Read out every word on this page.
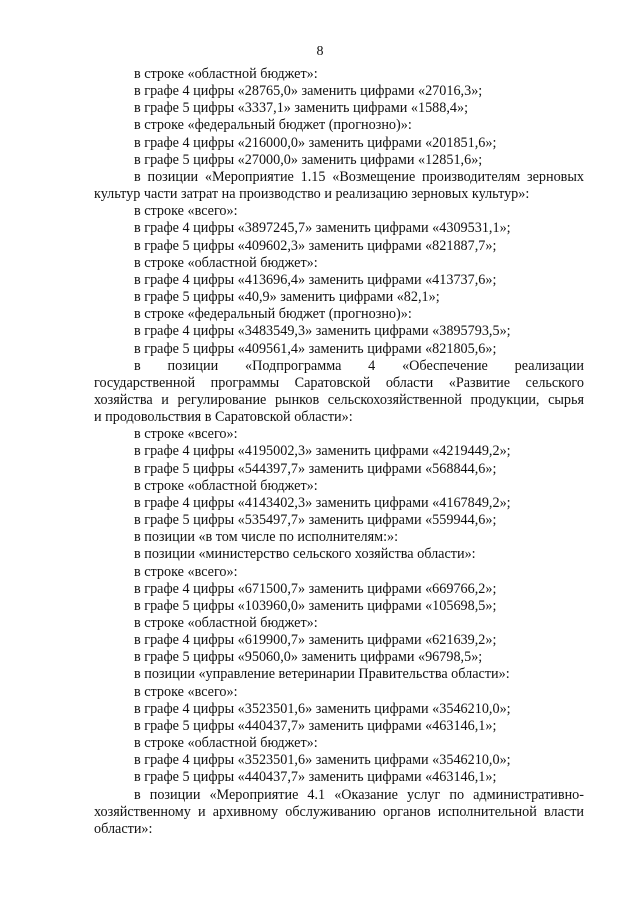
8
в строке «областной бюджет»:
в графе 4 цифры «28765,0» заменить цифрами «27016,3»;
в графе 5 цифры «3337,1» заменить цифрами «1588,4»;
в строке «федеральный бюджет (прогнозно)»:
в графе 4 цифры «216000,0» заменить цифрами «201851,6»;
в графе 5 цифры «27000,0» заменить цифрами «12851,6»;
в позиции «Мероприятие 1.15 «Возмещение производителям зерновых
культур части затрат на производство и реализацию зерновых культур»:
в строке «всего»:
в графе 4 цифры «3897245,7» заменить цифрами «4309531,1»;
в графе 5 цифры «409602,3» заменить цифрами «821887,7»;
в строке «областной бюджет»:
в графе 4 цифры «413696,4» заменить цифрами «413737,6»;
в графе 5 цифры «40,9» заменить цифрами «82,1»;
в строке «федеральный бюджет (прогнозно)»:
в графе 4 цифры «3483549,3» заменить цифрами «3895793,5»;
в графе 5 цифры «409561,4» заменить цифрами «821805,6»;
в позиции «Подпрограмма 4 «Обеспечение реализации
государственной программы Саратовской области «Развитие сельского
хозяйства и регулирование рынков сельскохозяйственной продукции, сырья
и продовольствия в Саратовской области»:
в строке «всего»:
в графе 4 цифры «4195002,3» заменить цифрами «4219449,2»;
в графе 5 цифры «544397,7» заменить цифрами «568844,6»;
в строке «областной бюджет»:
в графе 4 цифры «4143402,3» заменить цифрами «4167849,2»;
в графе 5 цифры «535497,7» заменить цифрами «559944,6»;
в позиции «в том числе по исполнителям:»:
в позиции «министерство сельского хозяйства области»:
в строке «всего»:
в графе 4 цифры «671500,7» заменить цифрами «669766,2»;
в графе 5 цифры «103960,0» заменить цифрами «105698,5»;
в строке «областной бюджет»:
в графе 4 цифры «619900,7» заменить цифрами «621639,2»;
в графе 5 цифры «95060,0» заменить цифрами «96798,5»;
в позиции «управление ветеринарии Правительства области»:
в строке «всего»:
в графе 4 цифры «3523501,6» заменить цифрами «3546210,0»;
в графе 5 цифры «440437,7» заменить цифрами «463146,1»;
в строке «областной бюджет»:
в графе 4 цифры «3523501,6» заменить цифрами «3546210,0»;
в графе 5 цифры «440437,7» заменить цифрами «463146,1»;
в позиции «Мероприятие 4.1 «Оказание услуг по административно-
хозяйственному и архивному обслуживанию органов исполнительной власти
области»:
